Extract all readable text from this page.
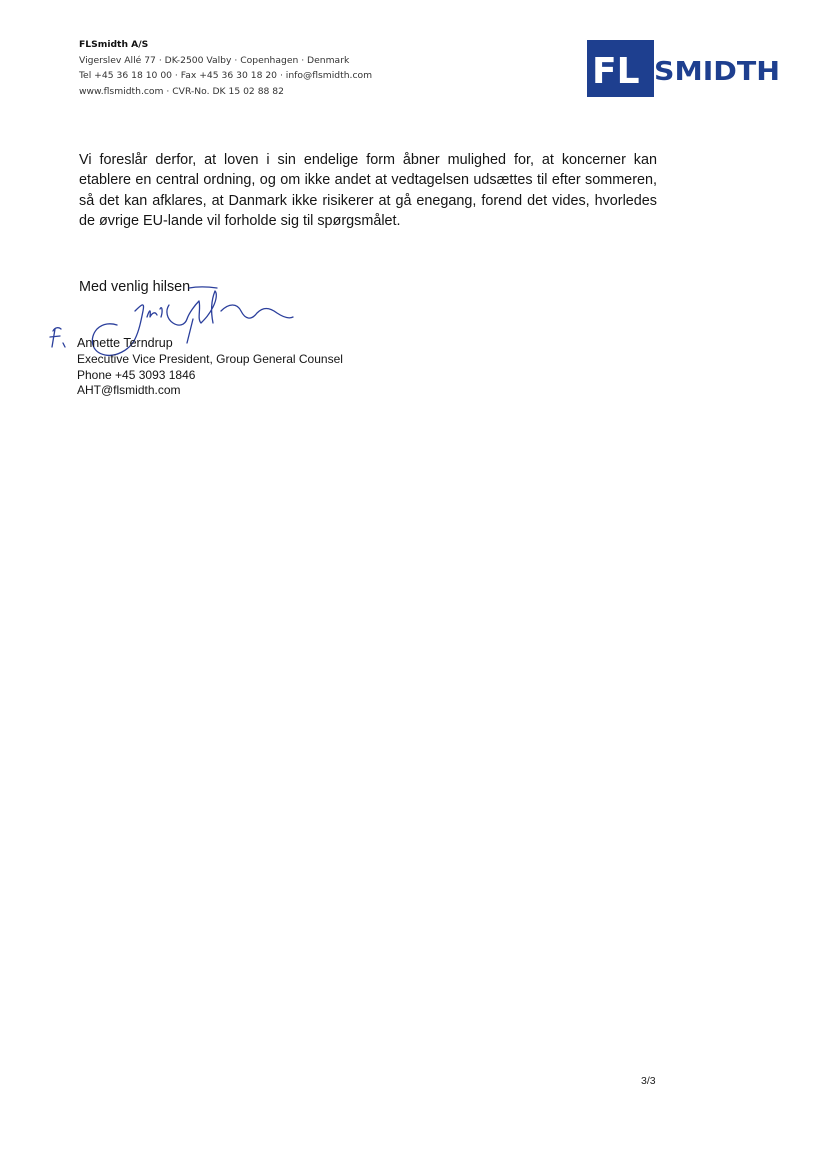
FLSmidth A/S
Vigerslev Allé 77 · DK-2500 Valby · Copenhagen · Denmark
Tel +45 36 18 10 00 · Fax +45 36 30 18 20 · info@flsmidth.com
www.flsmidth.com · CVR-No. DK 15 02 88 82	FL SMIDTH
Vi foreslår derfor, at loven i sin endelige form åbner mulighed for, at koncerner kan etablere en central ordning, og om ikke andet at vedtagelsen udsættes til efter sommeren, så det kan afklares, at Danmark ikke risikerer at gå enegang, forend det vides, hvorledes de øvrige EU-lande vil forholde sig til spørgsmålet.
Med venlig hilsen
Annette Terndrup
Executive Vice President, Group General Counsel
Phone +45 3093 1846
AHT@flsmidth.com
3/3
